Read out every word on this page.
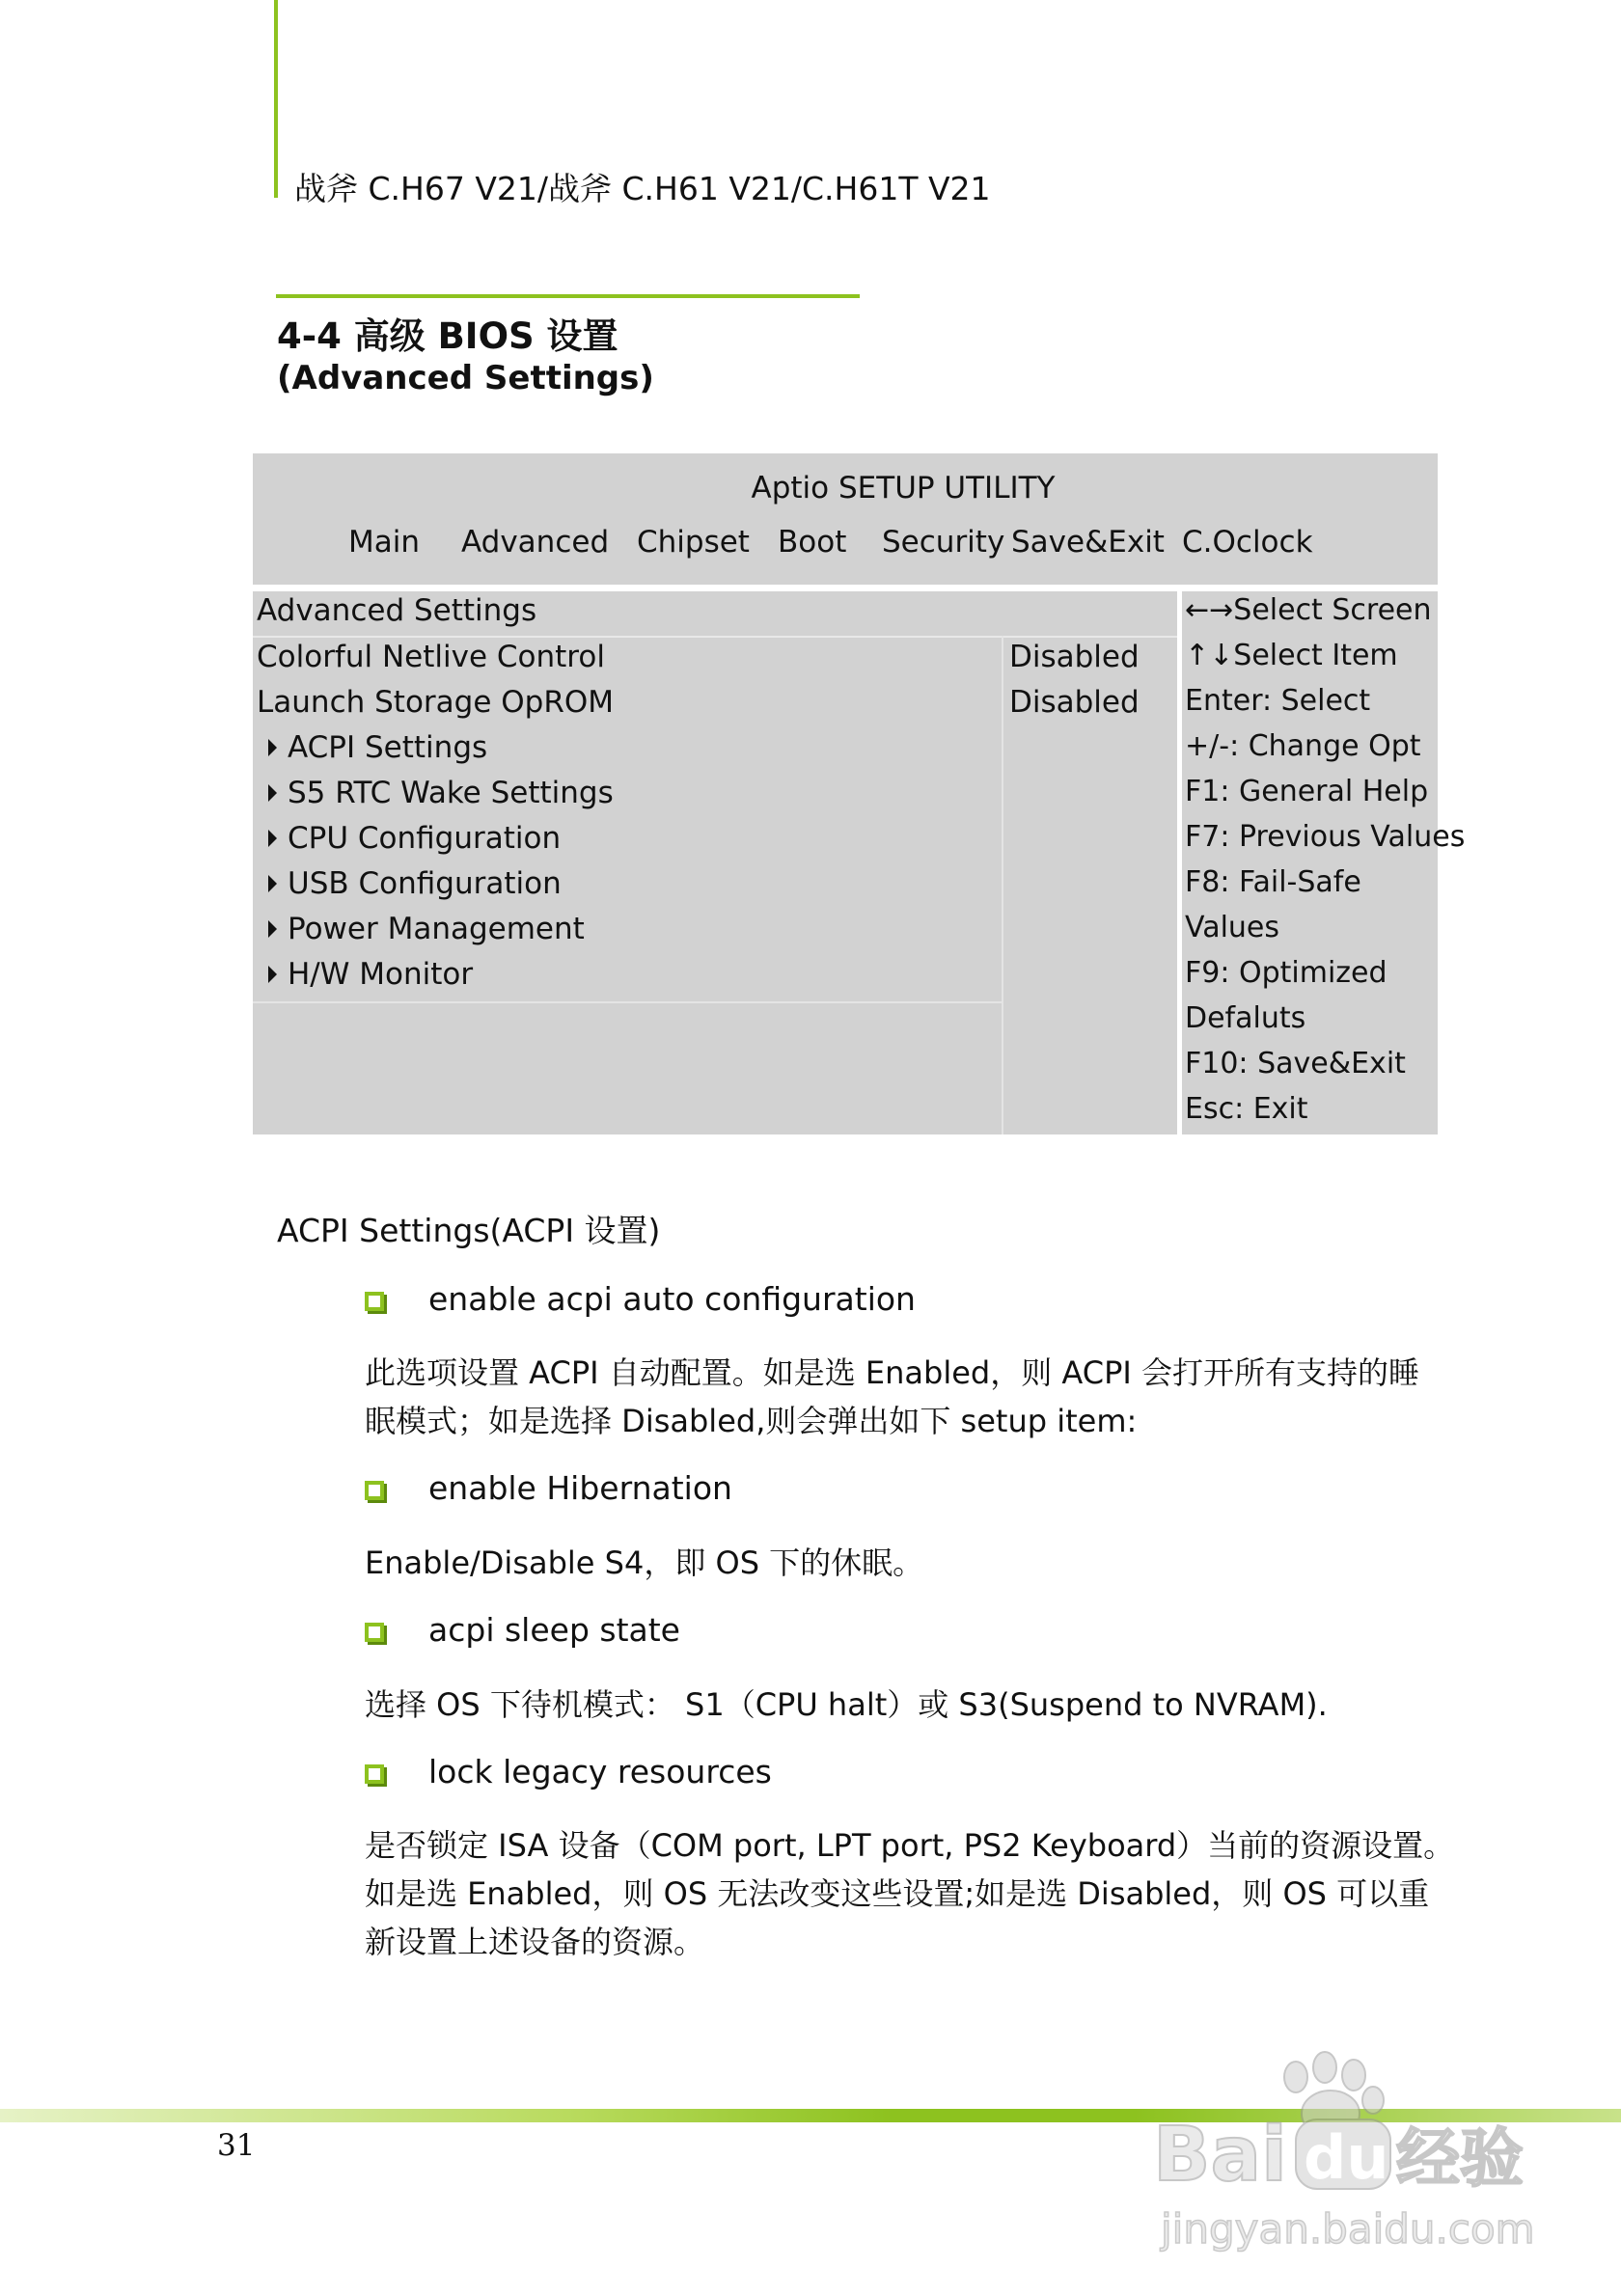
战斧 C.H67 V21/战斧 C.H61 V21/C.H61T V21
4-4 高级 BIOS 设置
(Advanced Settings)
Aptio SETUP UTILITY
Main Advanced Chipset Boot Security Save&Exit C.Oclock
Advanced Settings
Colorful Netlive Control
Launch Storage OpROM
ACPI Settings
S5 RTC Wake Settings
CPU Configuration
USB Configuration
Power Management
H/W Monitor
Disabled
Disabled
←→Select Screen
↑↓Select Item
Enter: Select
+/-: Change Opt
F1: General Help
F7: Previous Values
F8: Fail-Safe
Values
F9: Optimized
Defaluts
F10: Save&Exit
Esc: Exit
ACPI Settings(ACPI 设置)
enable acpi auto configuration
此选项设置 ACPI 自动配置。如是选 Enabled，则 ACPI 会打开所有支持的睡
眠模式；如是选择 Disabled,则会弹出如下 setup item:
enable Hibernation
Enable/Disable S4，即 OS 下的休眠。
acpi sleep state
选择 OS 下待机模式： S1（CPU halt）或 S3(Suspend to NVRAM).
lock legacy resources
是否锁定 ISA 设备（COM port, LPT port, PS2 Keyboard）当前的资源设置。
如是选 Enabled，则 OS 无法改变这些设置;如是选 Disabled，则 OS 可以重
新设置上述设备的资源。
31	Bai du 经验
jingyan.baidu.com
